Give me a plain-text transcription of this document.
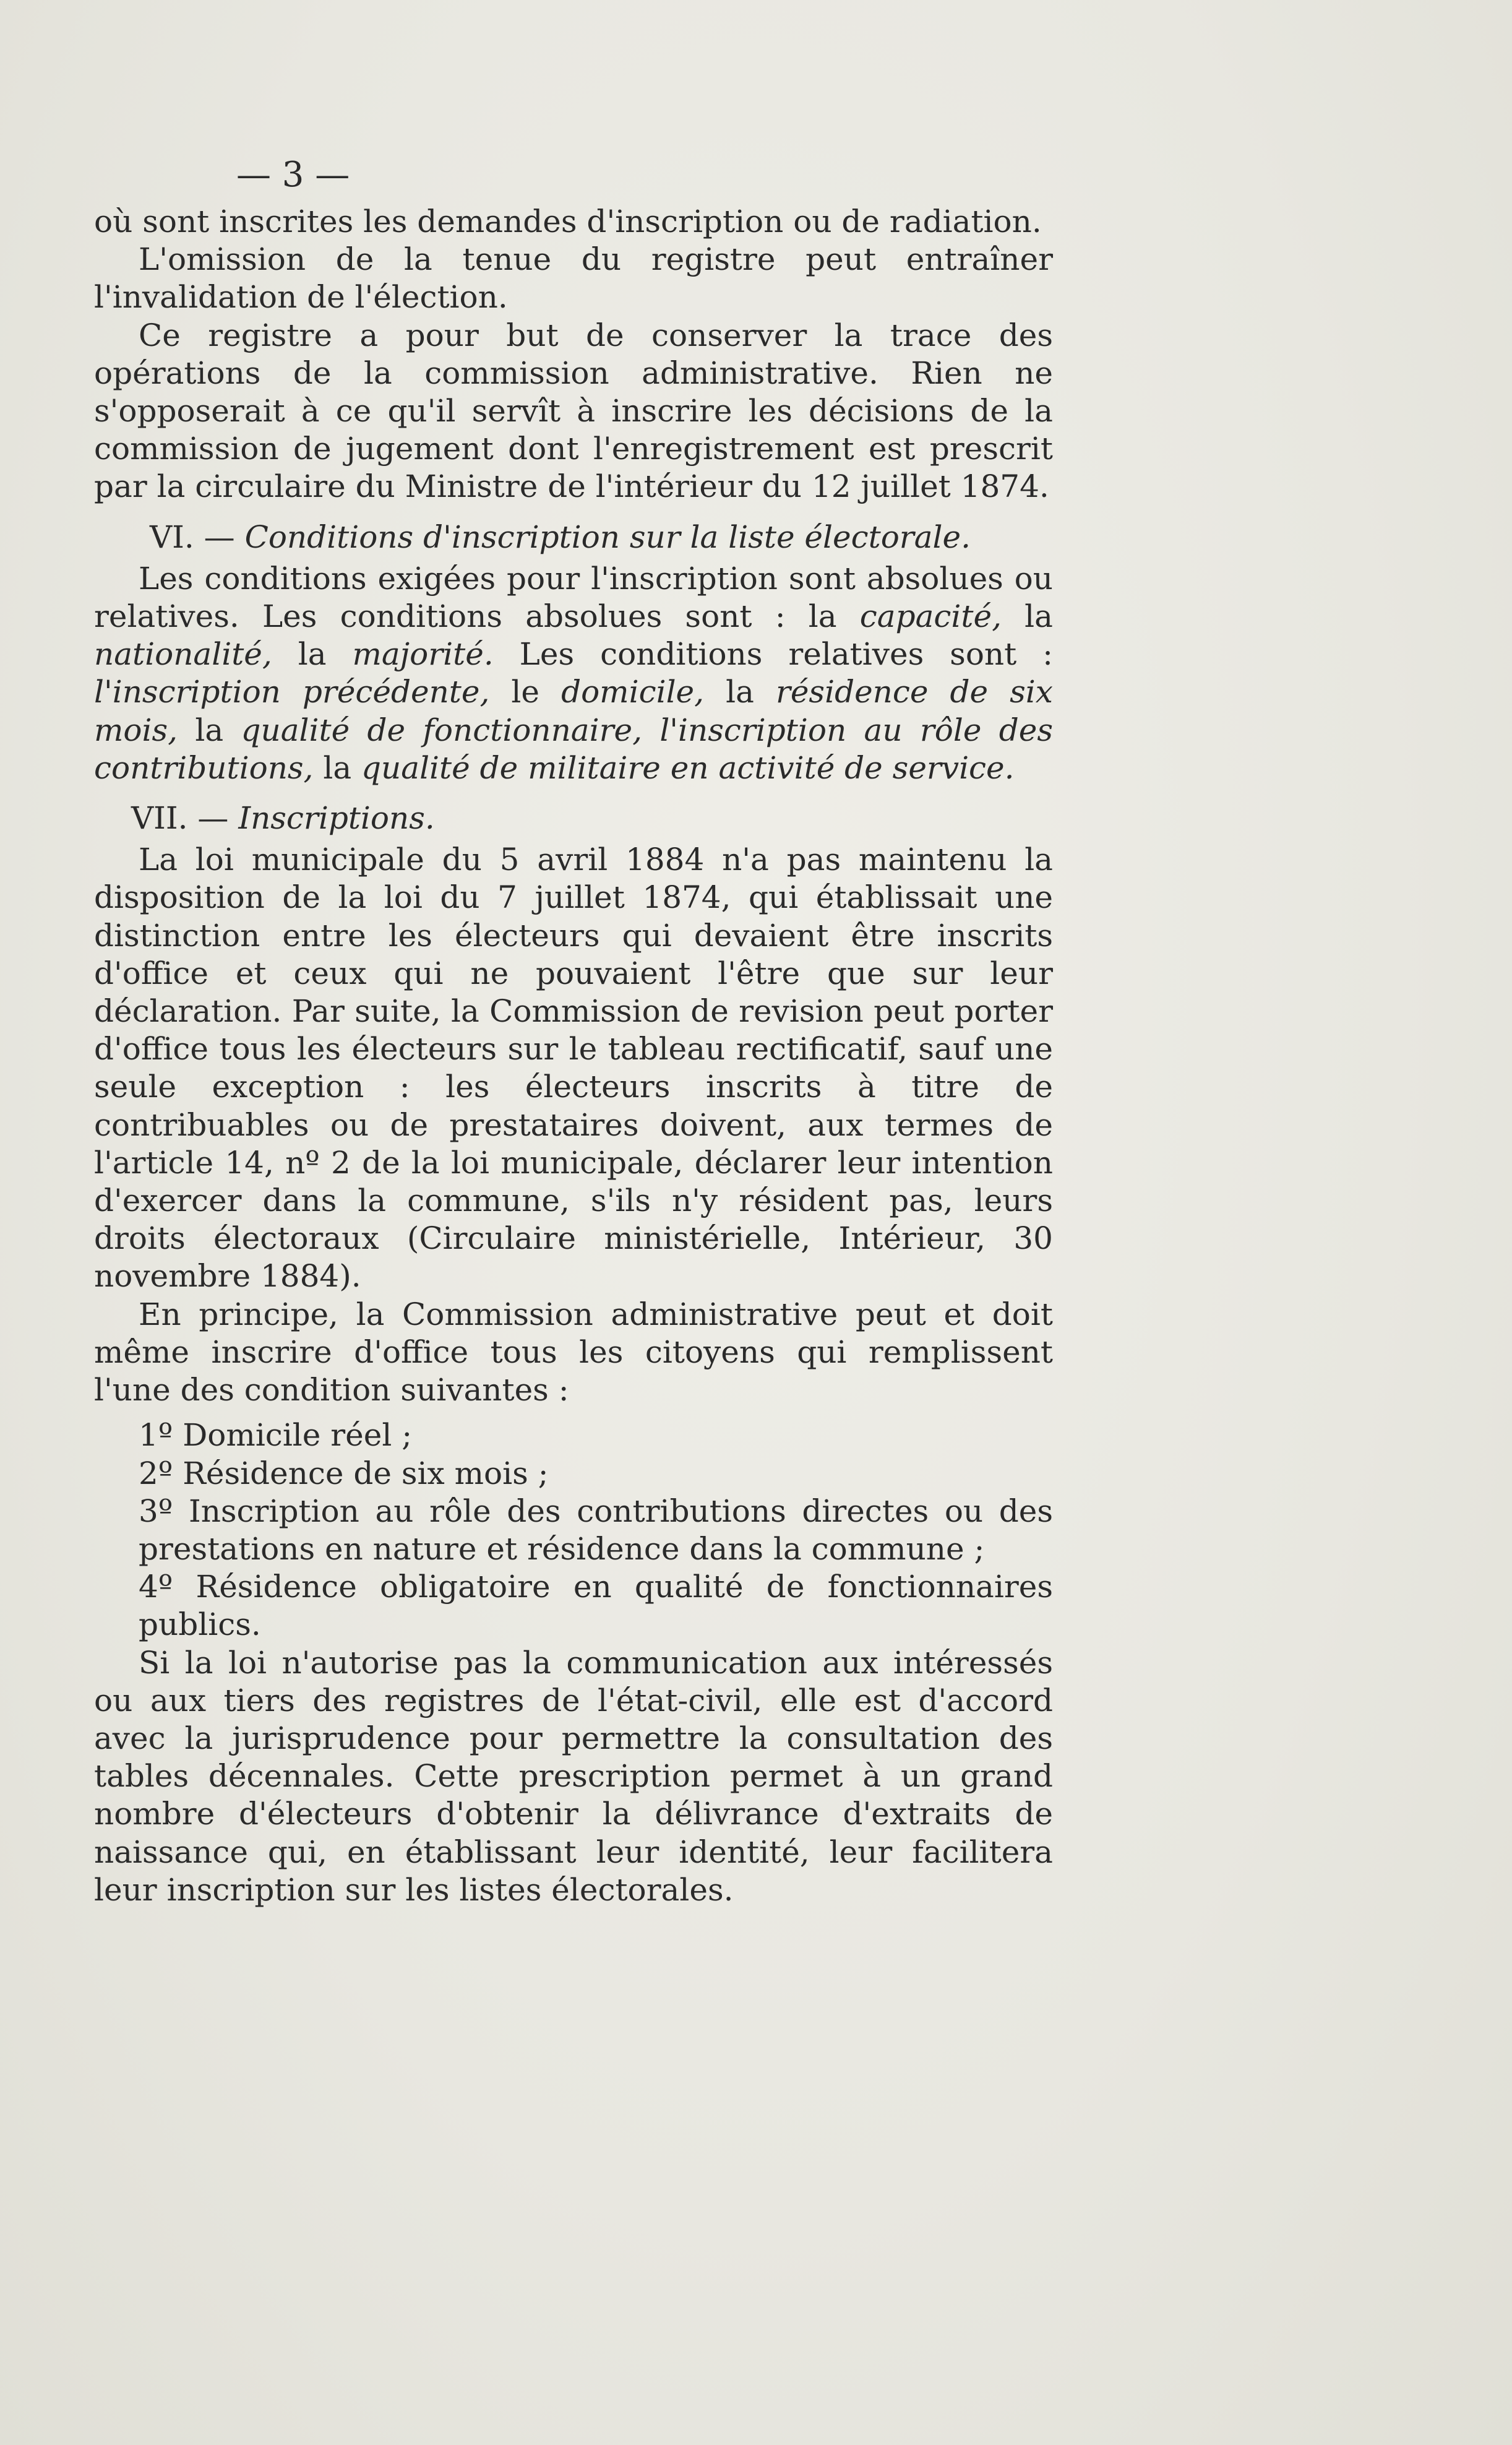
— 3 —

où sont inscrites les demandes d'inscription ou de radiation.

L'omission de la tenue du registre peut entraîner l'invalidation de l'élection.

Ce registre a pour but de conserver la trace des opérations de la commission administrative. Rien ne s'opposerait à ce qu'il servît à inscrire les décisions de la commission de jugement dont l'enregistrement est prescrit par la circulaire du Ministre de l'intérieur du 12 juillet 1874.

VI. — Conditions d'inscription sur la liste électorale.

Les conditions exigées pour l'inscription sont absolues ou relatives. Les conditions absolues sont : la capacité, la nationalité, la majorité. Les conditions relatives sont : l'inscription précédente, le domicile, la résidence de six mois, la qualité de fonctionnaire, l'inscription au rôle des contributions, la qualité de militaire en activité de service.

VII. — Inscriptions.

La loi municipale du 5 avril 1884 n'a pas maintenu la disposition de la loi du 7 juillet 1874, qui établissait une distinction entre les électeurs qui devaient être inscrits d'office et ceux qui ne pouvaient l'être que sur leur déclaration. Par suite, la Commission de revision peut porter d'office tous les électeurs sur le tableau rectificatif, sauf une seule exception : les électeurs inscrits à titre de contribuables ou de prestataires doivent, aux termes de l'article 14, nº 2 de la loi municipale, déclarer leur intention d'exercer dans la commune, s'ils n'y résident pas, leurs droits électoraux (Circulaire ministérielle, Intérieur, 30 novembre 1884).

En principe, la Commission administrative peut et doit même inscrire d'office tous les citoyens qui remplissent l'une des condition suivantes :

1º Domicile réel ;

2º Résidence de six mois ;

3º Inscription au rôle des contributions directes ou des prestations en nature et résidence dans la commune ;

4º Résidence obligatoire en qualité de fonctionnaires publics.

Si la loi n'autorise pas la communication aux intéressés ou aux tiers des registres de l'état-civil, elle est d'accord avec la jurisprudence pour permettre la consultation des tables décennales. Cette prescription permet à un grand nombre d'électeurs d'obtenir la délivrance d'extraits de naissance qui, en établissant leur identité, leur facilitera leur inscription sur les listes électorales.
